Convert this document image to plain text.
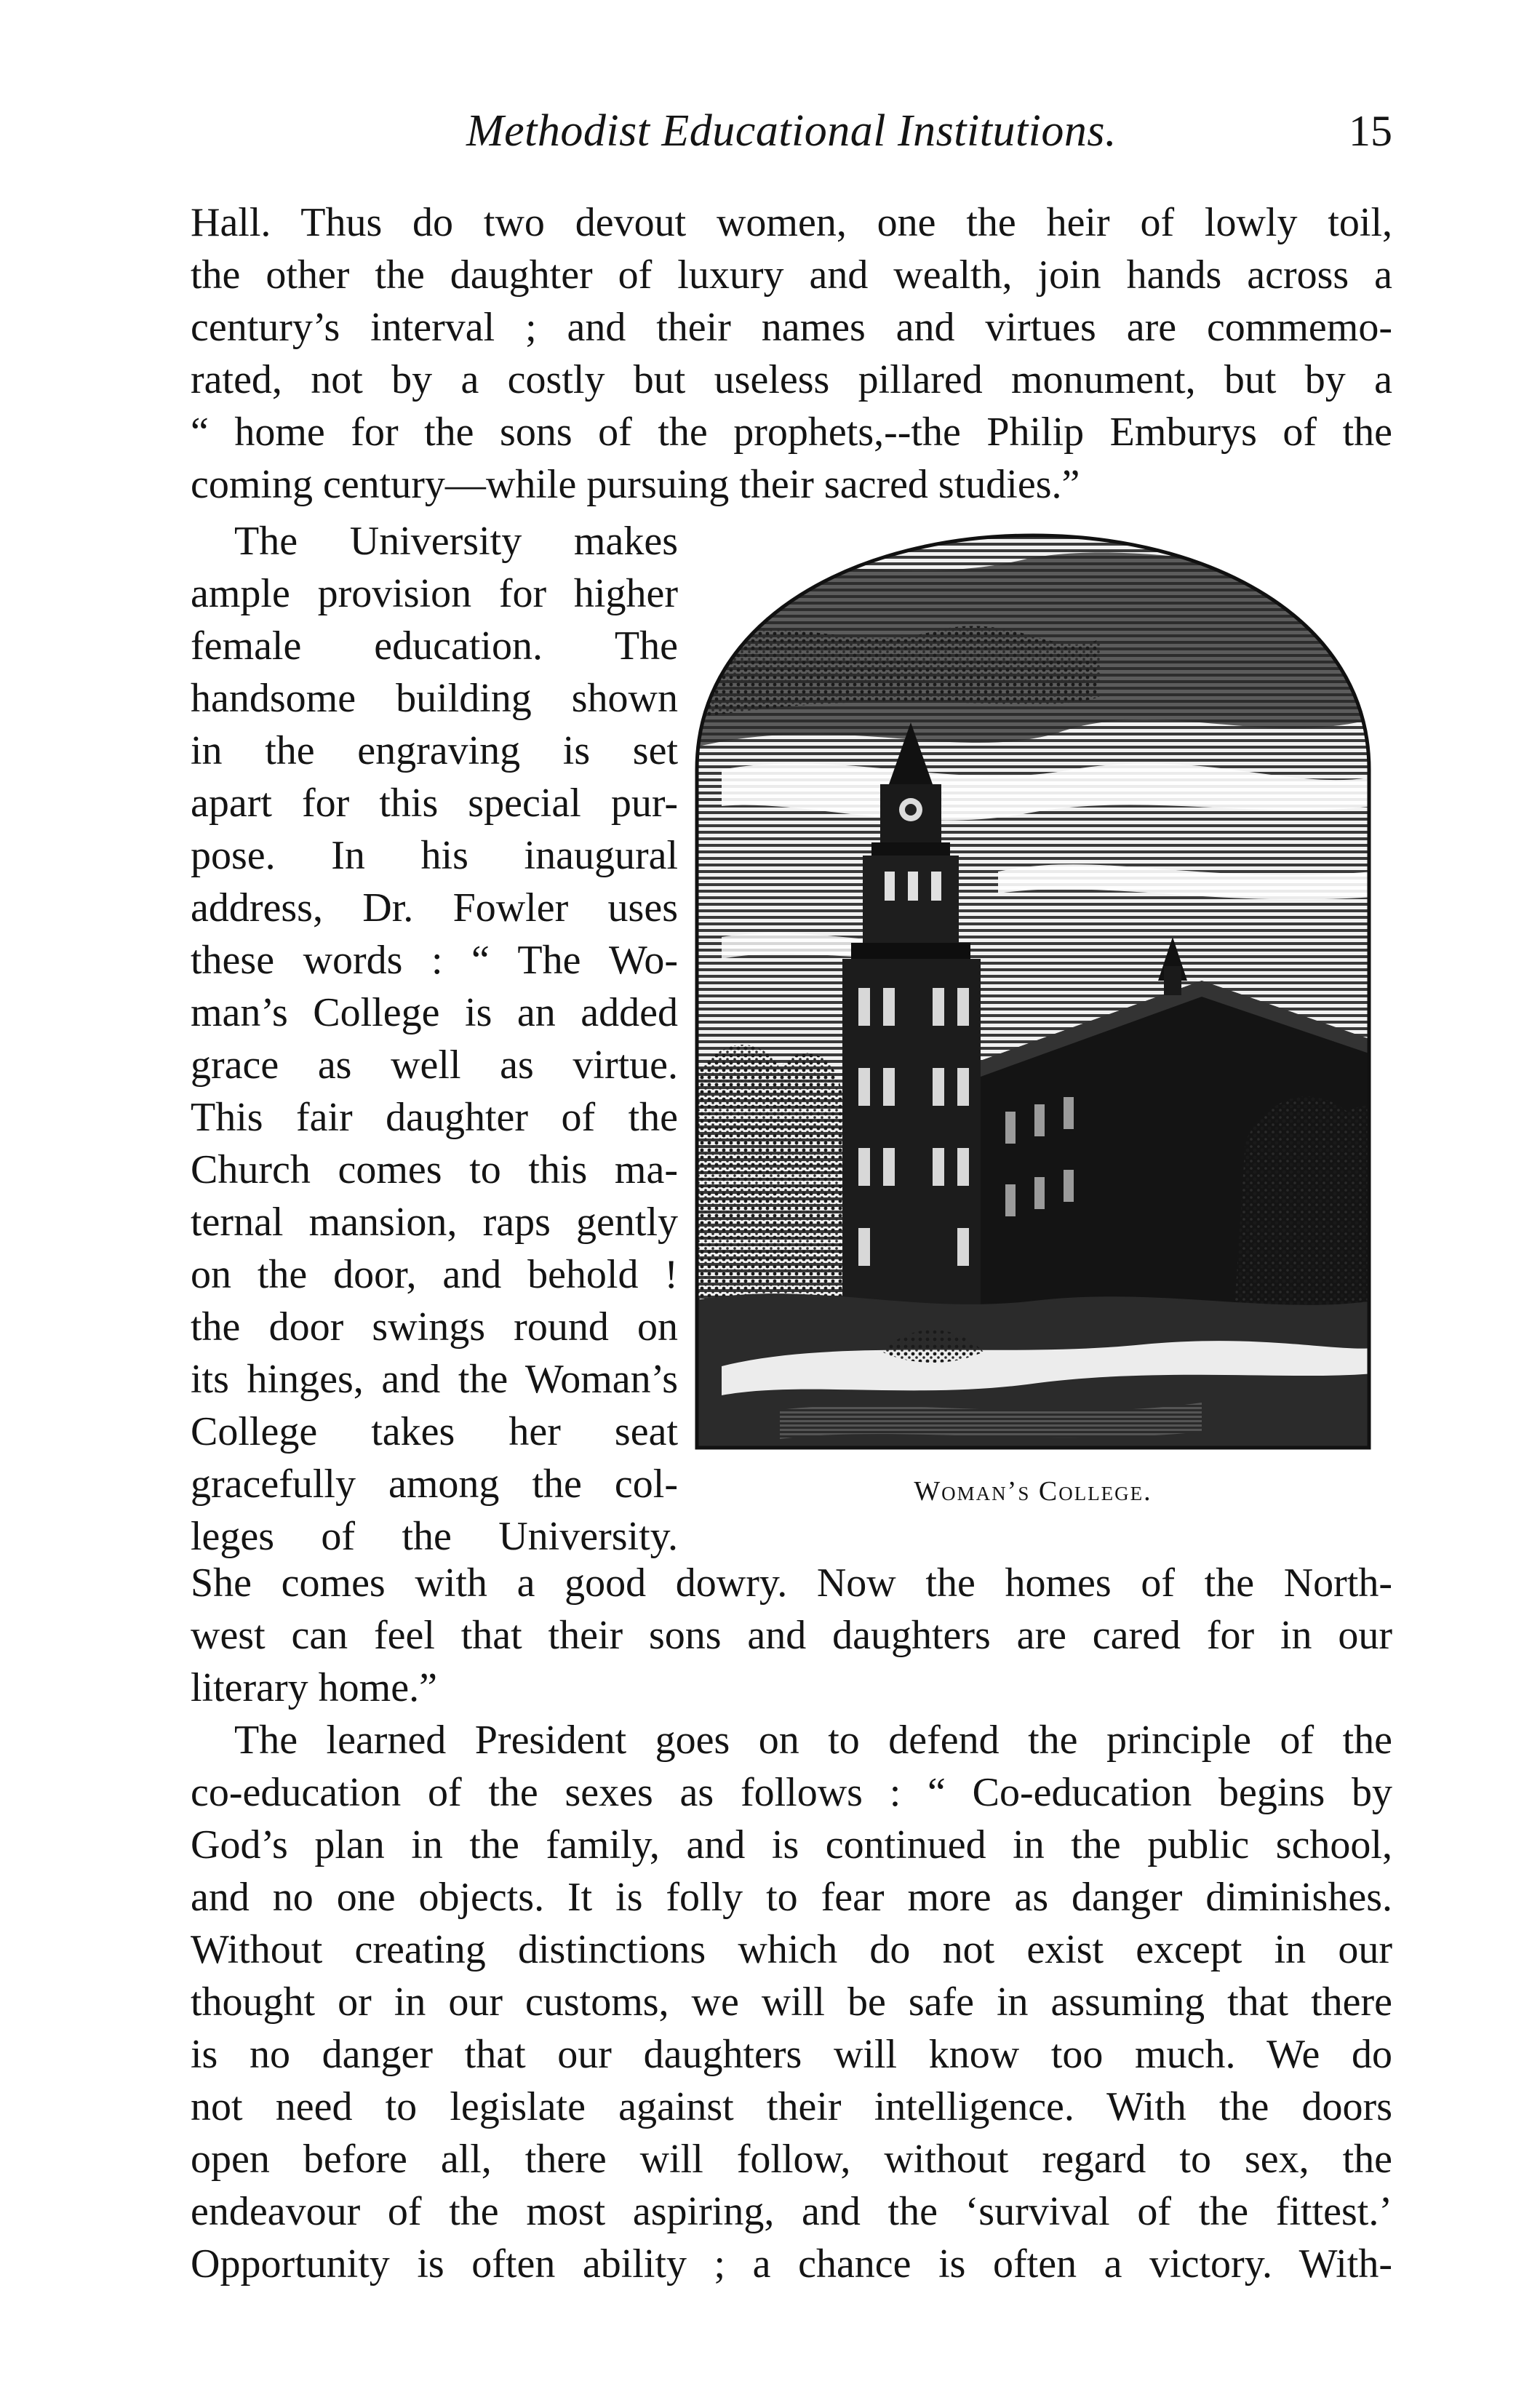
Methodist Educational Institutions.	15
Hall. Thus do two devout women, one the heir of lowly toil,
the other the daughter of luxury and wealth, join hands across a
century’s interval ; and their names and virtues are commemo-
rated, not by a costly but useless pillared monument, but by a
“ home for the sons of the prophets,--the Philip Emburys of the
coming century—while pursuing their sacred studies.”
The University makes
ample provision for higher
female education. The
handsome building shown
in the engraving is set
apart for this special pur-
pose. In his inaugural
address, Dr. Fowler uses
these words : “ The Wo-
man’s College is an added
grace as well as virtue.
This fair daughter of the
Church comes to this ma-
ternal mansion, raps gently
on the door, and behold !
the door swings round on
its hinges, and the Woman’s
College takes her seat
gracefully among the col-
leges of the University.
Woman’s College.
She comes with a good dowry. Now the homes of the North-
west can feel that their sons and daughters are cared for in our
literary home.”
The learned President goes on to defend the principle of the
co-education of the sexes as follows : “ Co-education begins by
God’s plan in the family, and is continued in the public school,
and no one objects. It is folly to fear more as danger diminishes.
Without creating distinctions which do not exist except in our
thought or in our customs, we will be safe in assuming that there
is no danger that our daughters will know too much. We do
not need to legislate against their intelligence. With the doors
open before all, there will follow, without regard to sex, the
endeavour of the most aspiring, and the ‘survival of the fittest.’
Opportunity is often ability ; a chance is often a victory. With-
